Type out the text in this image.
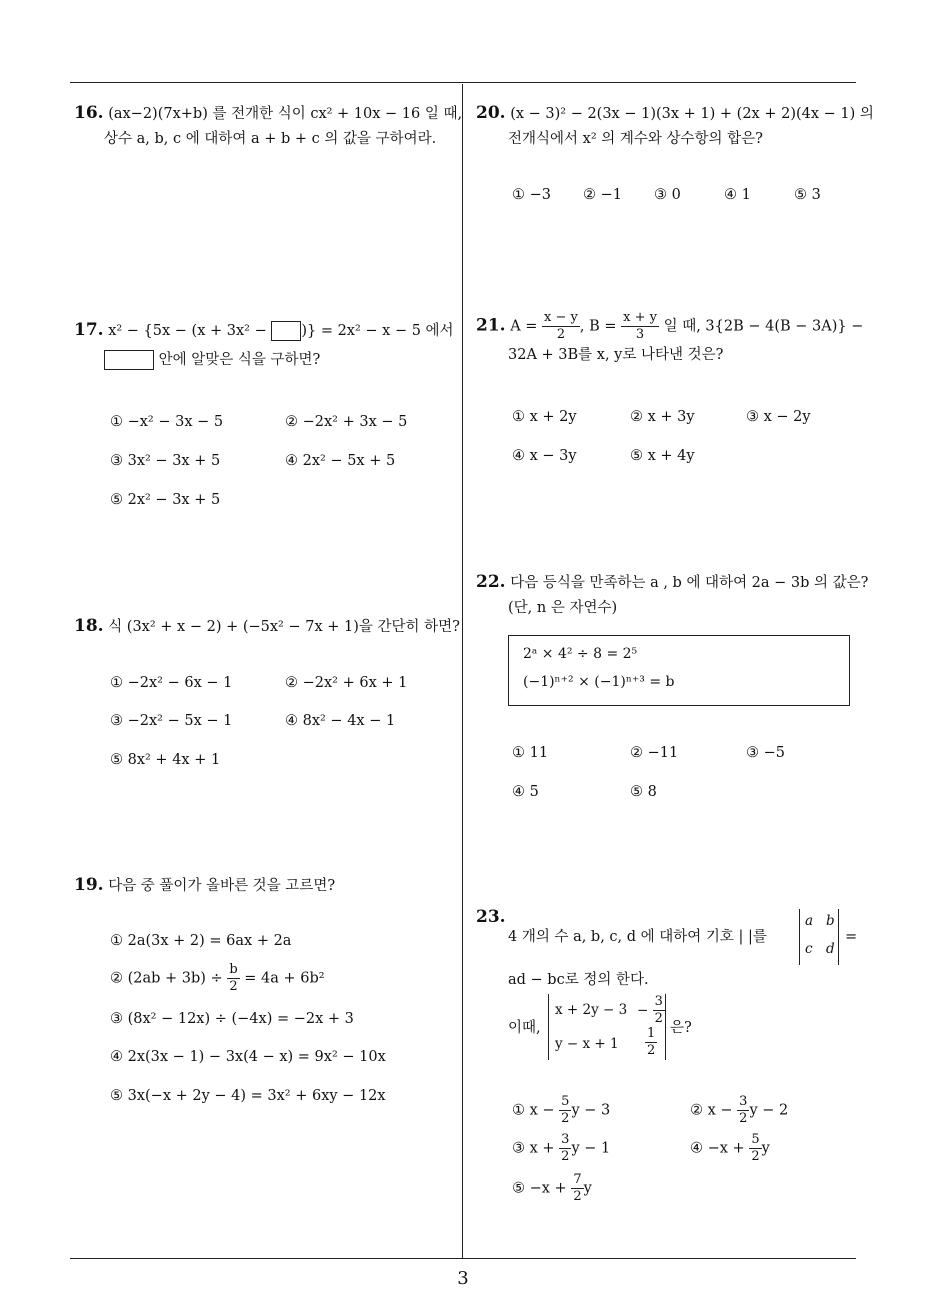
16. (ax−2)(7x+b) 를 전개한 식이 cx² + 10x − 16 일 때,
상수 a, b, c 에 대하여 a + b + c 의 값을 구하여라.
17. x² − {5x − (x + 3x² − )} = 2x² − x − 5 에서
안에 알맞은 식을 구하면?
① −x² − 3x − 5	② −2x² + 3x − 5
③ 3x² − 3x + 5	④ 2x² − 5x + 5
⑤ 2x² − 3x + 5
18. 식 (3x² + x − 2) + (−5x² − 7x + 1)을 간단히 하면?
① −2x² − 6x − 1	② −2x² + 6x + 1
③ −2x² − 5x − 1	④ 8x² − 4x − 1
⑤ 8x² + 4x + 1
19. 다음 중 풀이가 올바른 것을 고르면?
① 2a(3x + 2) = 6ax + 2a
② $(2ab + 3b) \div \frac{b}{2} = 4a + 6b^2$
③ (8x² − 12x) ÷ (−4x) = −2x + 3
④ 2x(3x − 1) − 3x(4 − x) = 9x² − 10x
⑤ 3x(−x + 2y − 4) = 3x² + 6xy − 12x
20. (x − 3)² − 2(3x − 1)(3x + 1) + (2x + 2)(4x − 1) 의
전개식에서 x² 의 계수와 상수항의 합은?
① −3 ② −1 ③ 0	④ 1	⑤ 3
21. $A = \frac{x - y}{2}$ , $B = \frac{x + y}{3}$ 일 때, 3{2B − 4(B − 3A)} −
32A + 3B를 x, y로 나타낸 것은?
① x + 2y	② x + 3y	③ x − 2y
④ x − 3y	⑤ x + 4y
22. 다음 등식을 만족하는 a , b 에 대하여 2a − 3b 의 값은?
(단, n 은 자연수)
2ᵃ × 4² ÷ 8 = 2⁵
(−1)ⁿ⁺² × (−1)ⁿ⁺³ = b
① 11	② −11	③ −5
④ 5	⑤ 8
23.
4 개의 수 a, b, c, d 에 대하여 기호 | |를
a b
c d
=
ad − bc로 정의 한다.
이때,
$x + 2y - 3 - \frac{3}{2}$
$y - x + 1 \frac{1}{2}$ 은?
① $x - \frac{5}{2}$ y − 3	② $x - \frac{3}{2}$ y − 2
③ $x + \frac{3}{2}$ y − 1	④ $-x + \frac{5}{2}$ y
⑤ $-x + \frac{7}{2}$ y
3
